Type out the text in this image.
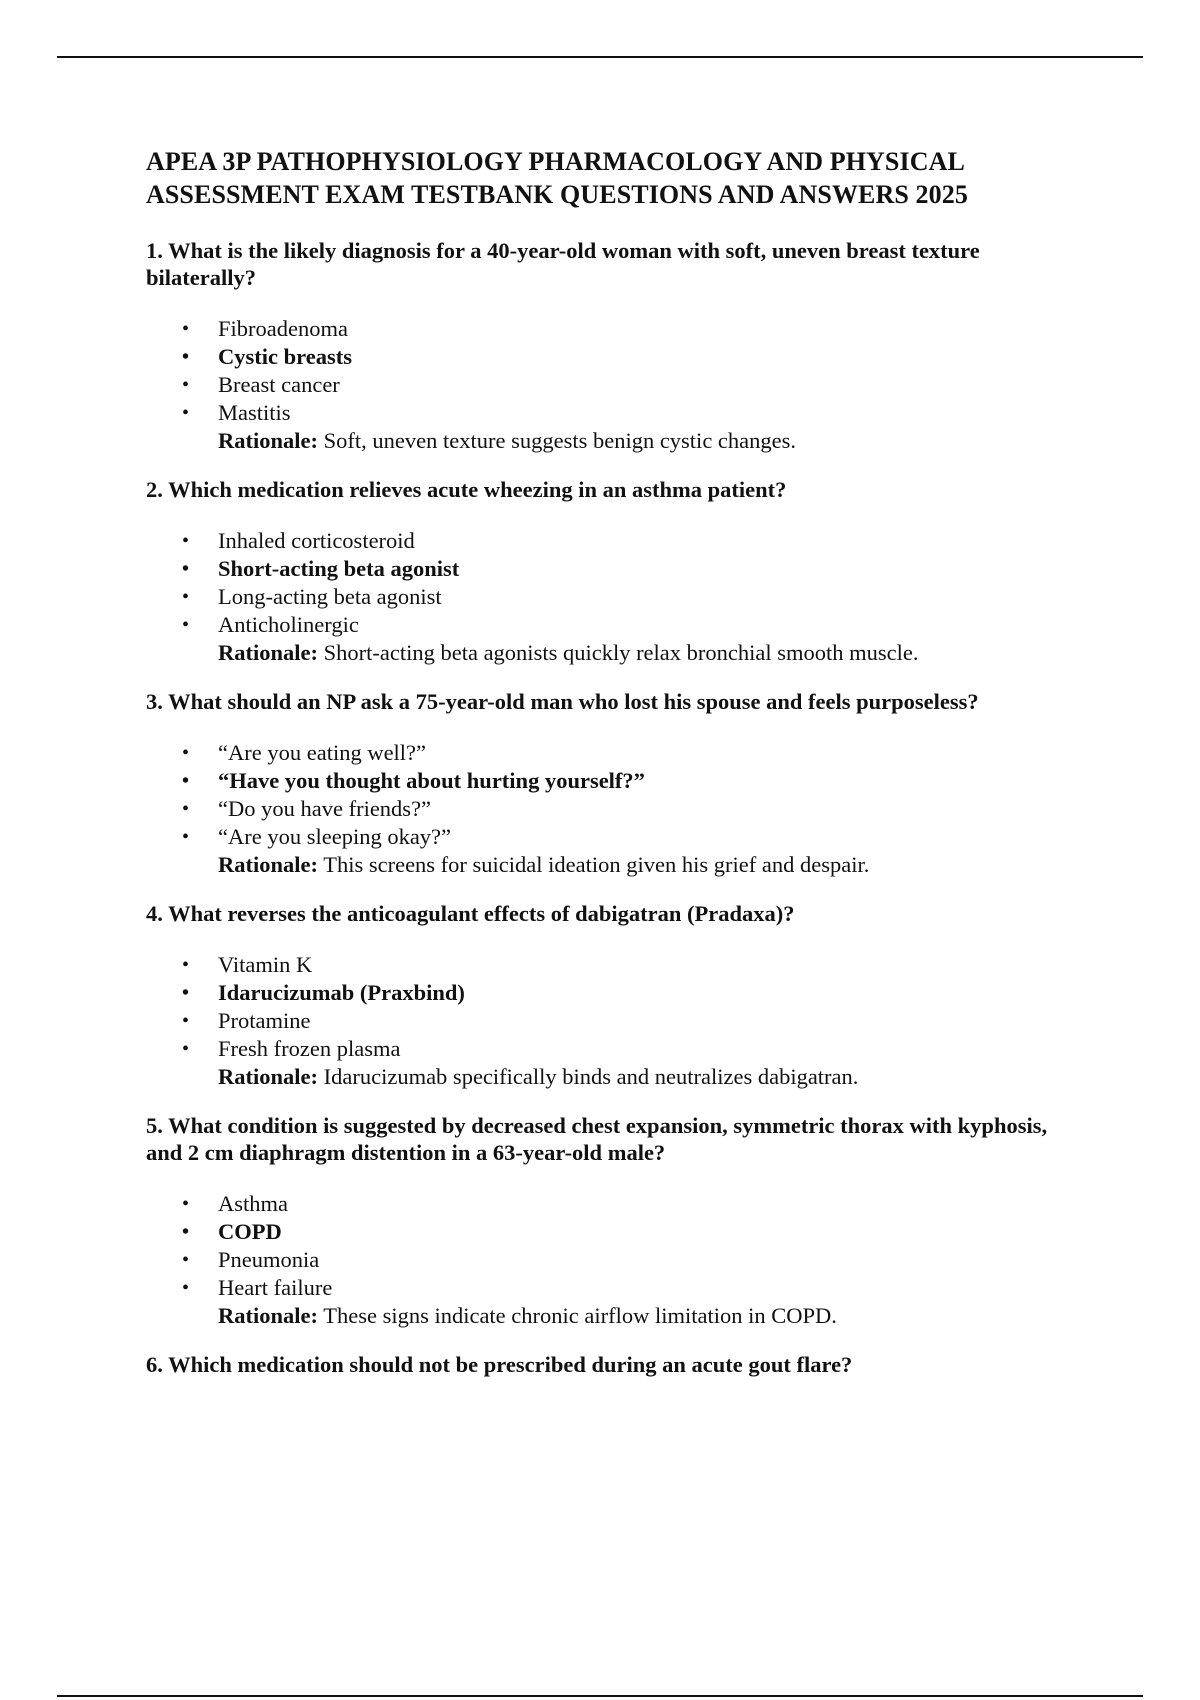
APEA 3P PATHOPHYSIOLOGY PHARMACOLOGY AND PHYSICAL
ASSESSMENT EXAM TESTBANK QUESTIONS AND ANSWERS 2025

1. What is the likely diagnosis for a 40-year-old woman with soft, uneven breast texture bilaterally?

• Fibroadenoma
• Cystic breasts
• Breast cancer
• Mastitis

Rationale: Soft, uneven texture suggests benign cystic changes.

2. Which medication relieves acute wheezing in an asthma patient?

• Inhaled corticosteroid
• Short-acting beta agonist
• Long-acting beta agonist
• Anticholinergic

Rationale: Short-acting beta agonists quickly relax bronchial smooth muscle.

3. What should an NP ask a 75-year-old man who lost his spouse and feels purposeless?

• “Are you eating well?”
• “Have you thought about hurting yourself?”
• “Do you have friends?”
• “Are you sleeping okay?”

Rationale: This screens for suicidal ideation given his grief and despair.

4. What reverses the anticoagulant effects of dabigatran (Pradaxa)?

• Vitamin K
• Idarucizumab (Praxbind)
• Protamine
• Fresh frozen plasma

Rationale: Idarucizumab specifically binds and neutralizes dabigatran.

5. What condition is suggested by decreased chest expansion, symmetric thorax with kyphosis, and 2 cm diaphragm distention in a 63-year-old male?

• Asthma
• COPD
• Pneumonia
• Heart failure

Rationale: These signs indicate chronic airflow limitation in COPD.

6. Which medication should not be prescribed during an acute gout flare?
